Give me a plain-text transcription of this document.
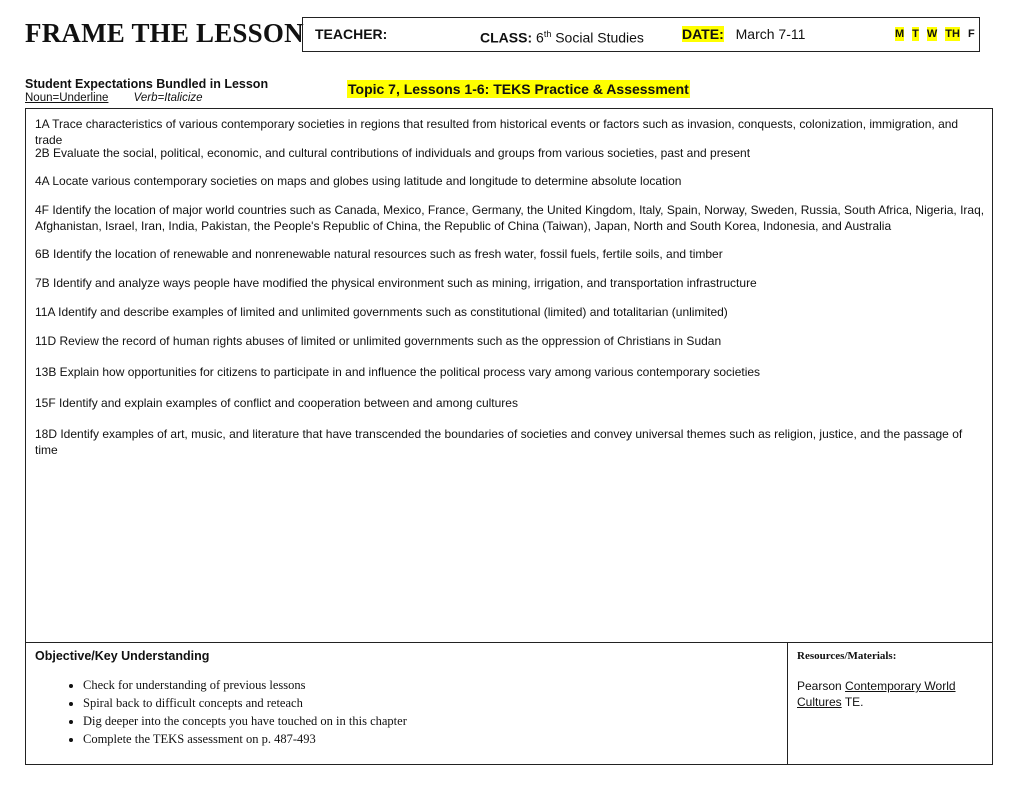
FRAME THE LESSON TEACHER:	CLASS: 6th Social Studies	DATE: March 7-11	M T W TH F
Student Expectations Bundled in Lesson
Noun=Underline Verb=Italicize
Topic 7, Lessons 1-6: TEKS Practice & Assessment
1A Trace characteristics of various contemporary societies in regions that resulted from historical events or factors such as invasion, conquests, colonization, immigration, and trade
2B Evaluate the social, political, economic, and cultural contributions of individuals and groups from various societies, past and present
4A Locate various contemporary societies on maps and globes using latitude and longitude to determine absolute location
4F Identify the location of major world countries such as Canada, Mexico, France, Germany, the United Kingdom, Italy, Spain, Norway, Sweden, Russia, South Africa, Nigeria, Iraq, Afghanistan, Israel, Iran, India, Pakistan, the People's Republic of China, the Republic of China (Taiwan), Japan, North and South Korea, Indonesia, and Australia
6B Identify the location of renewable and nonrenewable natural resources such as fresh water, fossil fuels, fertile soils, and timber
7B Identify and analyze ways people have modified the physical environment such as mining, irrigation, and transportation infrastructure
11A Identify and describe examples of limited and unlimited governments such as constitutional (limited) and totalitarian (unlimited)
11D Review the record of human rights abuses of limited or unlimited governments such as the oppression of Christians in Sudan
13B Explain how opportunities for citizens to participate in and influence the political process vary among various contemporary societies
15F Identify and explain examples of conflict and cooperation between and among cultures
18D Identify examples of art, music, and literature that have transcended the boundaries of societies and convey universal themes such as religion, justice, and the passage of time
Objective/Key Understanding
• Check for understanding of previous lessons
• Spiral back to difficult concepts and reteach
• Dig deeper into the concepts you have touched on in this chapter
• Complete the TEKS assessment on p. 487-493
Resources/Materials:
Pearson Contemporary World Cultures TE.
